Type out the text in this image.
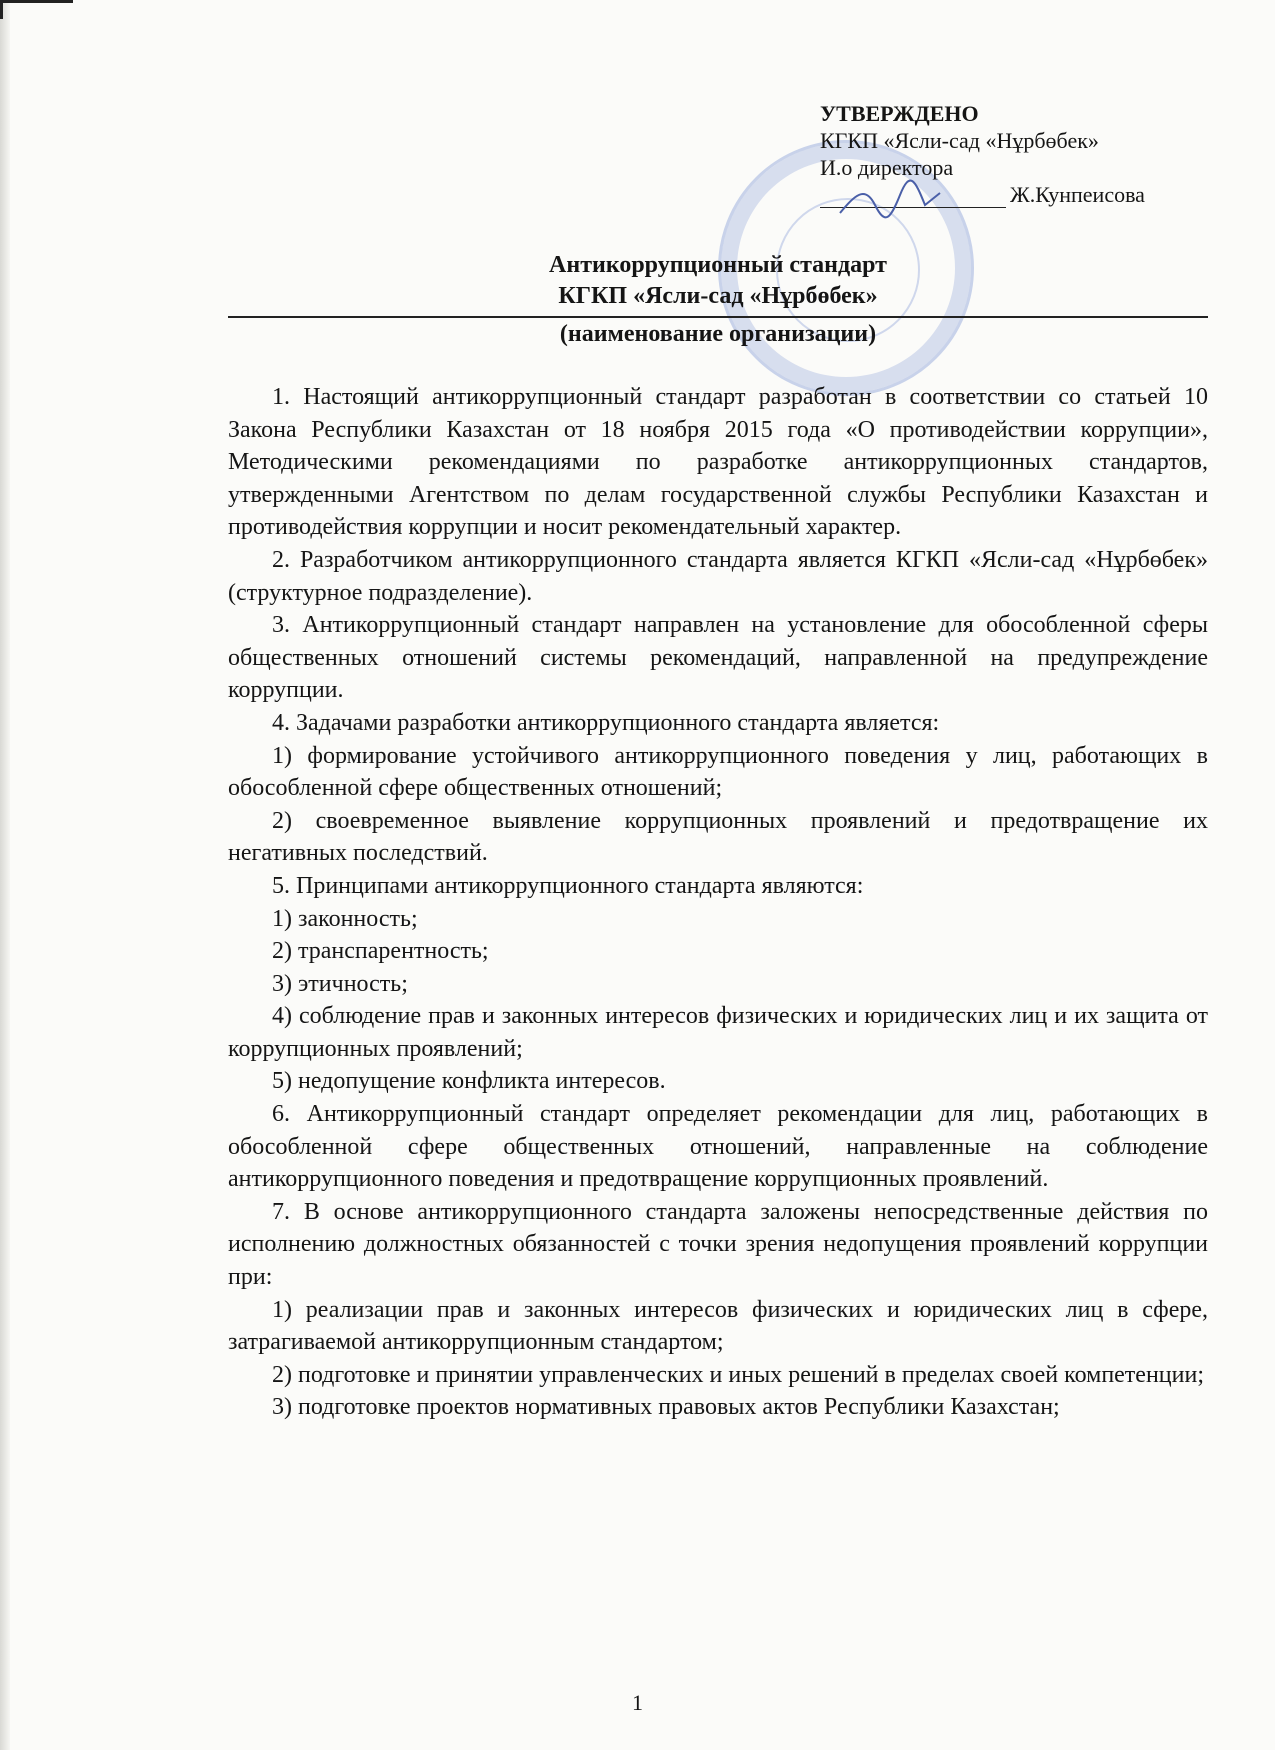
УТВЕРЖДЕНО
КГКП «Ясли-сад «Нұрбөбек»
И.о директора
Ж.Кунпеисова
Антикоррупционный стандарт
КГКП «Ясли-сад «Нұрбөбек»
(наименование организации)

1. Настоящий антикоррупционный стандарт разработан в соответствии со статьей 10 Закона Республики Казахстан от 18 ноября 2015 года «О противодействии коррупции», Методическими рекомендациями по разработке антикоррупционных стандартов, утвержденными Агентством по делам государственной службы Республики Казахстан и противодействия коррупции и носит рекомендательный характер.

2. Разработчиком антикоррупционного стандарта является КГКП «Ясли-сад «Нұрбөбек» (структурное подразделение).

3. Антикоррупционный стандарт направлен на установление для обособленной сферы общественных отношений системы рекомендаций, направленной на предупреждение коррупции.

4. Задачами разработки антикоррупционного стандарта является:

1) формирование устойчивого антикоррупционного поведения у лиц, работающих в обособленной сфере общественных отношений;

2) своевременное выявление коррупционных проявлений и предотвращение их негативных последствий.

5. Принципами антикоррупционного стандарта являются:

1) законность;

2) транспарентность;

3) этичность;

4) соблюдение прав и законных интересов физических и юридических лиц и их защита от коррупционных проявлений;

5) недопущение конфликта интересов.

6. Антикоррупционный стандарт определяет рекомендации для лиц, работающих в обособленной сфере общественных отношений, направленные на соблюдение антикоррупционного поведения и предотвращение коррупционных проявлений.

7. В основе антикоррупционного стандарта заложены непосредственные действия по исполнению должностных обязанностей с точки зрения недопущения проявлений коррупции при:

1) реализации прав и законных интересов физических и юридических лиц в сфере, затрагиваемой антикоррупционным стандартом;

2) подготовке и принятии управленческих и иных решений в пределах своей компетенции;

3) подготовке проектов нормативных правовых актов Республики Казахстан;

1
